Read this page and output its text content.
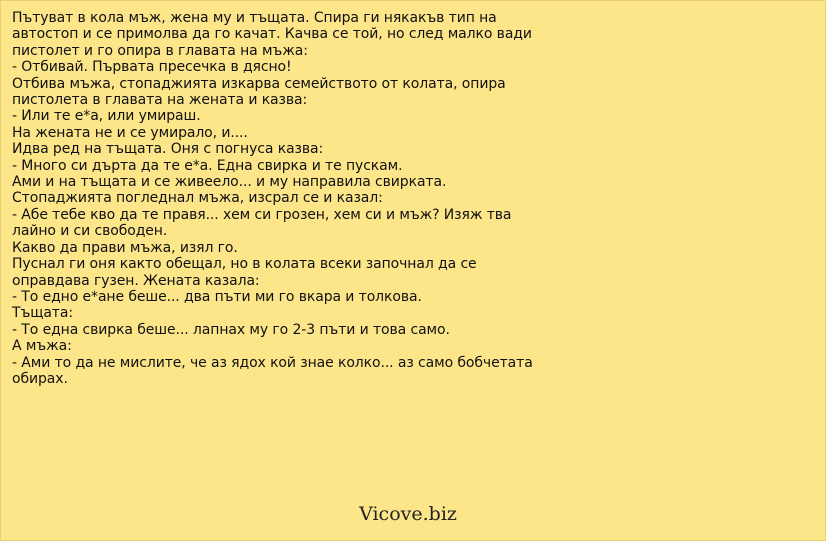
Пътуват в кола мъж, жена му и тъщата. Спира ги някакъв тип на
автостоп и се примолва да го качат. Качва се той, но след малко вади
пистолет и го опира в главата на мъжа:
- Отбивай. Първата пресечка в дясно!
Отбива мъжа, стопаджията изкарва семейството от колата, опира
пистолета в главата на жената и казва:
- Или те е*а, или умираш.
На жената не и се умирало, и....
Идва ред на тъщата. Оня с погнуса казва:
- Много си дърта да те е*а. Една свирка и те пускам.
Ами и на тъщата и се живеело... и му направила свирката.
Стопаджията погледнал мъжа, изсрал се и казал:
- Абе тебе кво да те правя... хем си грозен, хем си и мъж? Изяж тва
лайно и си свободен.
Какво да прави мъжа, изял го.
Пуснал ги оня както обещал, но в колата всеки започнал да се
оправдава гузен. Жената казала:
- То едно е*ане беше... два пъти ми го вкара и толкова.
Тъщата:
- То една свирка беше... лапнах му го 2-3 пъти и това само.
А мъжа:
- Ами то да не мислите, че аз ядох кой знае колко... аз само бобчетата
обирах.
Vicove.biz
